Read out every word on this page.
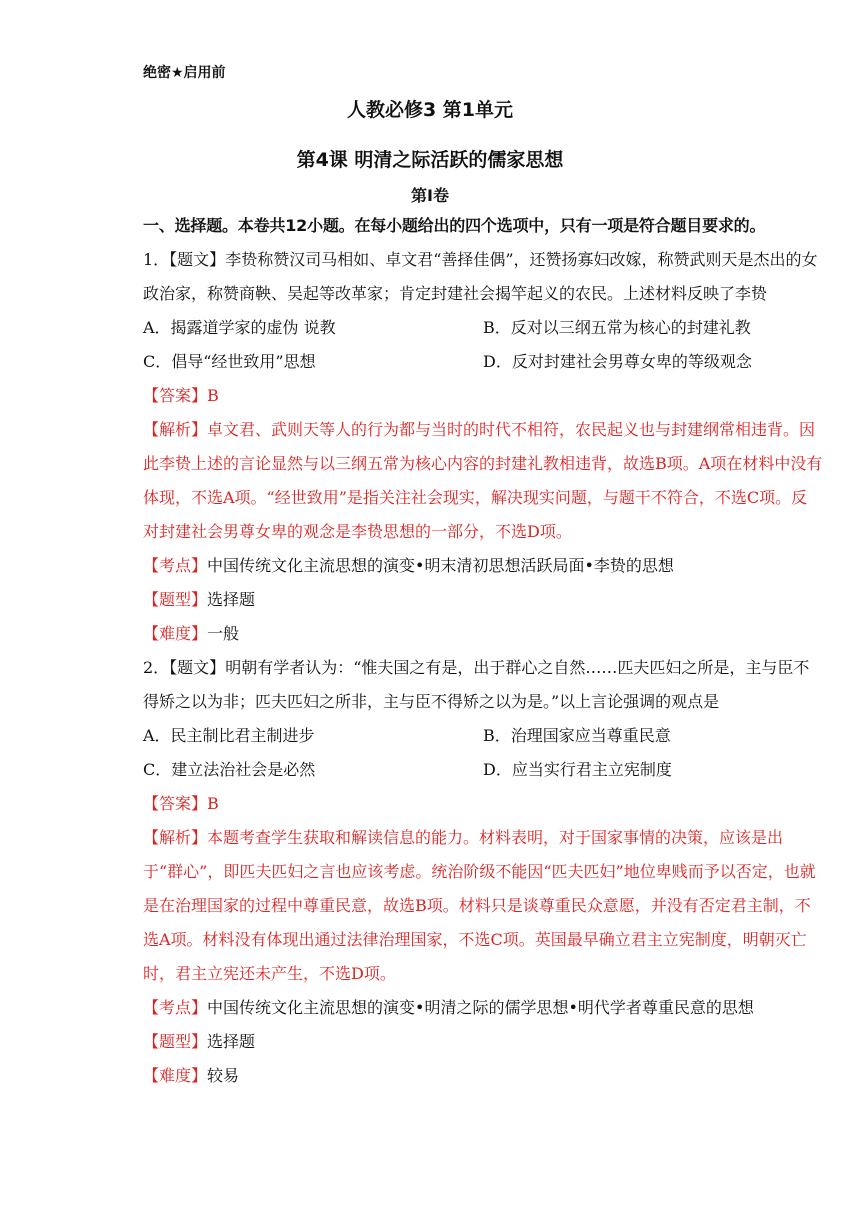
绝密★启用前
人教必修3 第1单元
第4课 明清之际活跃的儒家思想
第Ⅰ卷

一、选择题。本卷共12小题。在每小题给出的四个选项中，只有一项是符合题目要求的。

1．【题文】李贽称赞汉司马相如、卓文君“善择佳偶”，还赞扬寡妇改嫁，称赞武则天是杰出的女政治家，称赞商鞅、吴起等改革家；肯定封建社会揭竿起义的农民。上述材料反映了李贽

A．揭露道学家的虚伪 说教	B．反对以三纲五常为核心的封建礼教
C．倡导“经世致用”思想	D．反对封建社会男尊女卑的等级观念

【答案】B

【解析】卓文君、武则天等人的行为都与当时的时代不相符，农民起义也与封建纲常相违背。因此李贽上述的言论显然与以三纲五常为核心内容的封建礼教相违背，故选B项。A项在材料中没有体现，不选A项。“经世致用”是指关注社会现实，解决现实问题，与题干不符合，不选C项。反对封建社会男尊女卑的观念是李贽思想的一部分，不选D项。

【考点】中国传统文化主流思想的演变•明末清初思想活跃局面•李贽的思想

【题型】选择题

【难度】一般

2．【题文】明朝有学者认为：“惟夫国之有是，出于群心之自然……匹夫匹妇之所是，主与臣不得矫之以为非；匹夫匹妇之所非，主与臣不得矫之以为是。”以上言论强调的观点是

A．民主制比君主制进步	B．治理国家应当尊重民意
C．建立法治社会是必然	D．应当实行君主立宪制度

【答案】B

【解析】本题考查学生获取和解读信息的能力。材料表明，对于国家事情的决策，应该是出于“群心”，即匹夫匹妇之言也应该考虑。统治阶级不能因“匹夫匹妇”地位卑贱而予以否定，也就是在治理国家的过程中尊重民意，故选B项。材料只是谈尊重民众意愿，并没有否定君主制，不选A项。材料没有体现出通过法律治理国家，不选C项。英国最早确立君主立宪制度，明朝灭亡时，君主立宪还未产生，不选D项。

【考点】中国传统文化主流思想的演变•明清之际的儒学思想•明代学者尊重民意的思想

【题型】选择题

【难度】较易
